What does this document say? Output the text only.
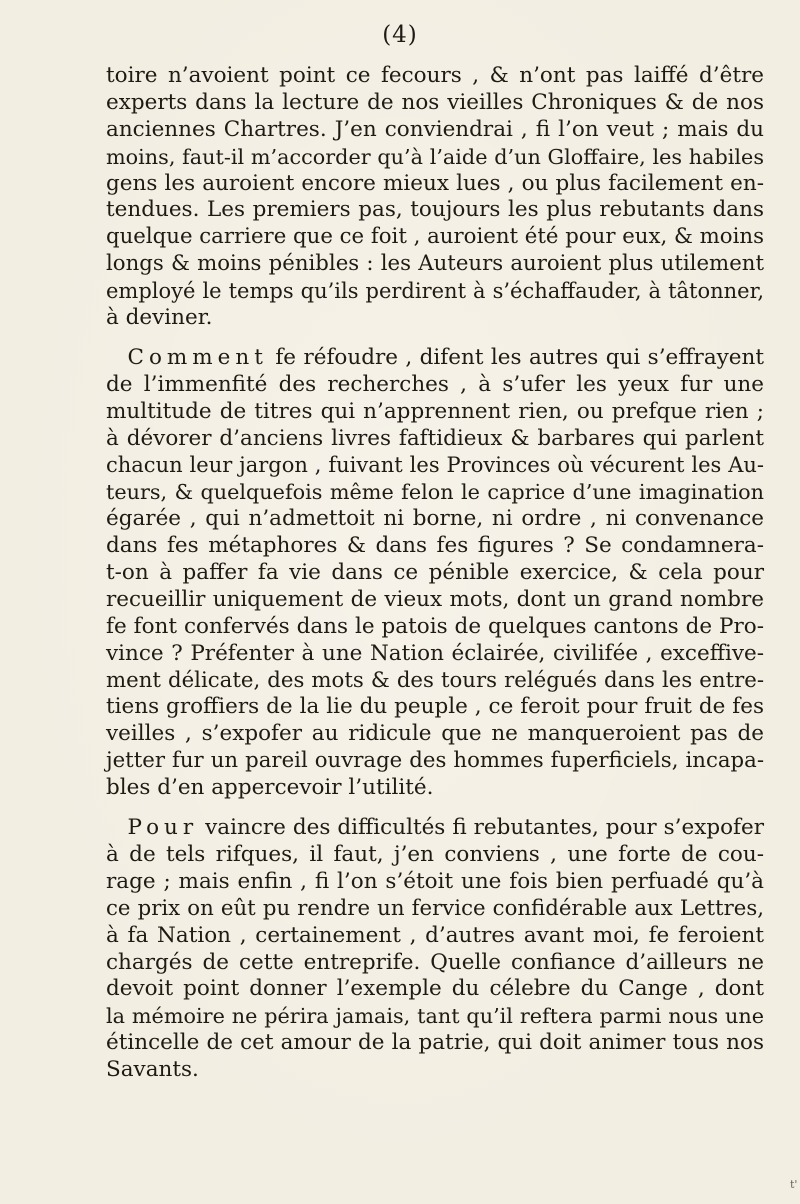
(4)
toire n’avoient point ce fecours , & n’ont pas laiffé d’être
experts dans la lecture de nos vieilles Chroniques & de nos
anciennes Chartres. J’en conviendrai , fi l’on veut ; mais du
moins, faut-il m’accorder qu’à l’aide d’un Gloffaire, les habiles
gens les auroient encore mieux lues , ou plus facilement en-
tendues. Les premiers pas, toujours les plus rebutants dans
quelque carriere que ce foit , auroient été pour eux, & moins
longs & moins pénibles : les Auteurs auroient plus utilement
employé le temps qu’ils perdirent à s’échaffauder, à tâtonner,
à deviner.
 Comment fe réfoudre , difent les autres qui s’effrayent
de l’immenfité des recherches , à s’ufer les yeux fur une
multitude de titres qui n’apprennent rien, ou prefque rien ;
à dévorer d’anciens livres faftidieux & barbares qui parlent
chacun leur jargon , fuivant les Provinces où vécurent les Au-
teurs, & quelquefois même felon le caprice d’une imagination
égarée , qui n’admettoit ni borne, ni ordre , ni convenance
dans fes métaphores & dans fes figures ? Se condamnera-
t-on à paffer fa vie dans ce pénible exercice, & cela pour
recueillir uniquement de vieux mots, dont un grand nombre
fe font confervés dans le patois de quelques cantons de Pro-
vince ? Préfenter à une Nation éclairée, civilifée , exceffive-
ment délicate, des mots & des tours relégués dans les entre-
tiens groffiers de la lie du peuple , ce feroit pour fruit de fes
veilles , s’expofer au ridicule que ne manqueroient pas de
jetter fur un pareil ouvrage des hommes fuperficiels, incapa-
bles d’en appercevoir l’utilité.
 Pour vaincre des difficultés fi rebutantes, pour s’expofer
à de tels rifques, il faut, j’en conviens , une forte de cou-
rage ; mais enfin , fi l’on s’étoit une fois bien perfuadé qu’à
ce prix on eût pu rendre un fervice confidérable aux Lettres,
à fa Nation , certainement , d’autres avant moi, fe feroient
chargés de cette entreprife. Quelle confiance d’ailleurs ne
devoit point donner l’exemple du célebre du Cange , dont
la mémoire ne périra jamais, tant qu’il reftera parmi nous une
étincelle de cet amour de la patrie, qui doit animer tous nos
Savants.
t'
